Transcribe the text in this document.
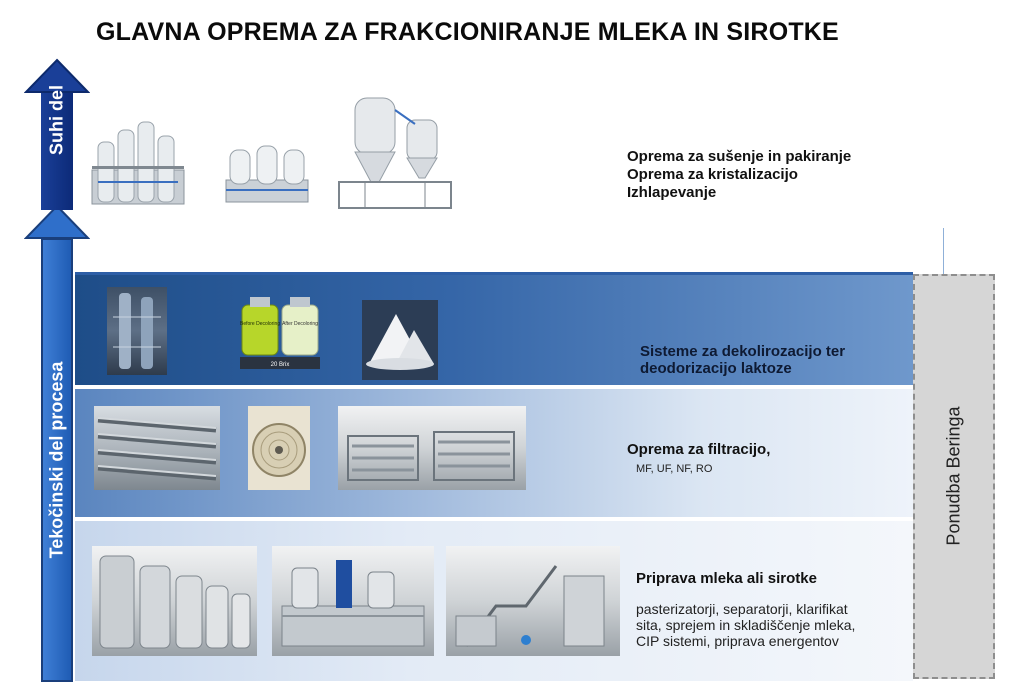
GLAVNA OPREMA ZA FRAKCIONIRANJE MLEKA IN SIROTKE
Oprema za sušenje in pakiranje
Oprema za kristalizacijo
Izhlapevanje
Before Decoloring After Decoloring
20 Brix
Sisteme za dekolirozacijo ter
deodorizacijo laktoze
Oprema za filtracijo,
MF, UF, NF, RO
Priprava mleka ali sirotke
pasterizatorji, separatorji, klarifikat
sita, sprejem in skladiščenje mleka,
CIP sistemi, priprava energentov
Ponudba Beringa
Tekočinski del procesa
Suhi del
